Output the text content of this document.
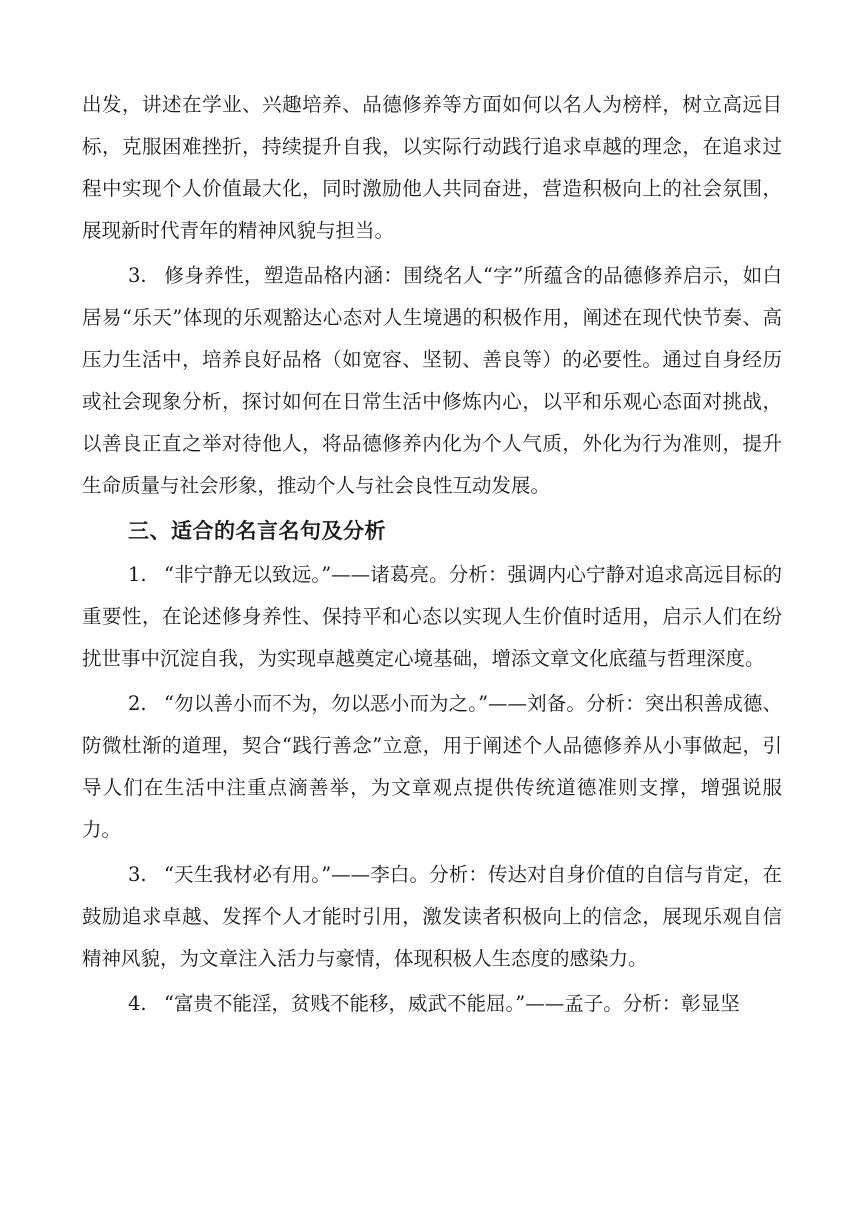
出发，讲述在学业、兴趣培养、品德修养等方面如何以名人为榜样，树立高远目标，克服困难挫折，持续提升自我，以实际行动践行追求卓越的理念，在追求过程中实现个人价值最大化，同时激励他人共同奋进，营造积极向上的社会氛围，展现新时代青年的精神风貌与担当。

3. 修身养性，塑造品格内涵：围绕名人“字”所蕴含的品德修养启示，如白居易“乐天”体现的乐观豁达心态对人生境遇的积极作用，阐述在现代快节奏、高压力生活中，培养良好品格（如宽容、坚韧、善良等）的必要性。通过自身经历或社会现象分析，探讨如何在日常生活中修炼内心，以平和乐观心态面对挑战，以善良正直之举对待他人，将品德修养内化为个人气质，外化为行为准则，提升生命质量与社会形象，推动个人与社会良性互动发展。

三、适合的名言名句及分析

1. “非宁静无以致远。”——诸葛亮。分析：强调内心宁静对追求高远目标的重要性，在论述修身养性、保持平和心态以实现人生价值时适用，启示人们在纷扰世事中沉淀自我，为实现卓越奠定心境基础，增添文章文化底蕴与哲理深度。

2. “勿以善小而不为，勿以恶小而为之。”——刘备。分析：突出积善成德、防微杜渐的道理，契合“践行善念”立意，用于阐述个人品德修养从小事做起，引导人们在生活中注重点滴善举，为文章观点提供传统道德准则支撑，增强说服力。

3. “天生我材必有用。”——李白。分析：传达对自身价值的自信与肯定，在鼓励追求卓越、发挥个人才能时引用，激发读者积极向上的信念，展现乐观自信精神风貌，为文章注入活力与豪情，体现积极人生态度的感染力。

4. “富贵不能淫，贫贱不能移，威武不能屈。”——孟子。分析：彰显坚
